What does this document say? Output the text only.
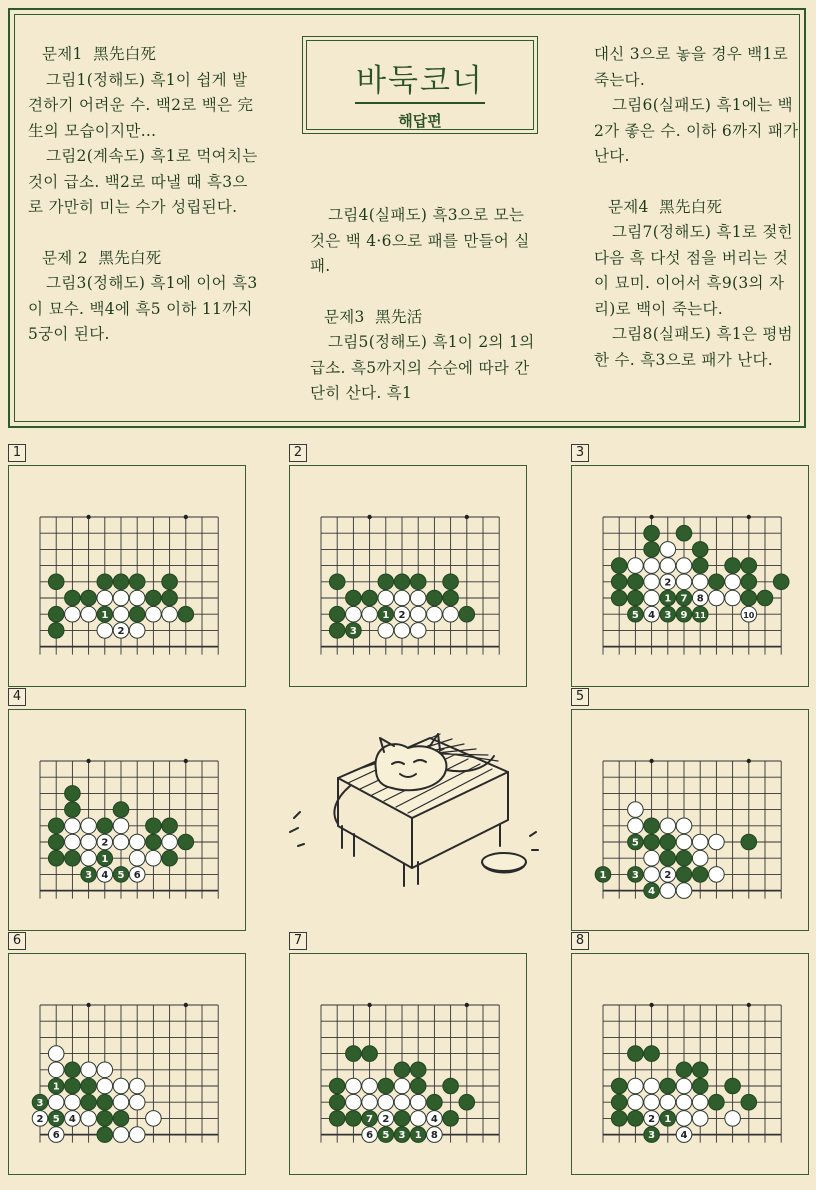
문제1  黑先白死

그림1(정해도) 흑1이 쉽게 발견하기 어려운 수. 백2로 백은 完生의 모습이지만…

그림2(계속도) 흑1로 먹여치는 것이 급소. 백2로 따낼 때 흑3으로 가만히 미는 수가 성립된다.

문제 2  黑先白死

그림3(정해도) 흑1에 이어 흑3이 묘수. 백4에 흑5 이하 11까지 5궁이 된다.

그림4(실패도) 흑3으로 모는 것은 백 4·6으로 패를 만들어 실패.

문제3  黑先活

그림5(정해도) 흑1이 2의 1의 급소. 흑5까지의 수순에 따라 간단히 산다. 흑1

대신 3으로 놓을 경우 백1로 죽는다.

그림6(실패도) 흑1에는 백2가 좋은 수. 이하 6까지 패가 난다.

문제4  黑先白死

그림7(정해도) 흑1로 젖힌 다음 흑 다섯 점을 버리는 것이 묘미. 이어서 흑9(3의 자리)로 백이 죽는다.

그림8(실패도) 흑1은 평범한 수. 흑3으로 패가 난다.

바둑코너
해답편
1
1
2
2
1 2
3
3
2
1 7 8
5 4 3 9 11	10
4
2
1
3 4 5 6
5
5
1	3	2
4
6
1
3
2 5 4
6
7
7 2	4
6 5 3 1 8
8
2 1
3	4
